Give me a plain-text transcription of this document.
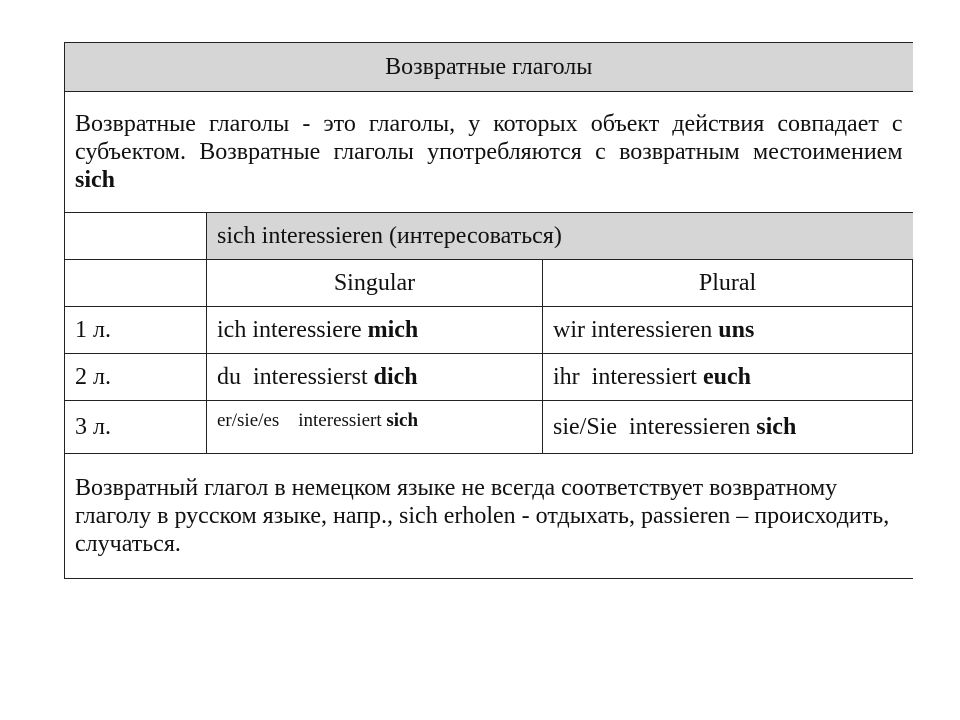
Возвратные глаголы		

Возвратные глаголы - это глаголы, у которых объект действия совпадает с субъектом. Возвратные глаголы употребляются с возвратным местоимением sich		

	sich interessieren (интересоваться)	
	Singular	Plural
1 л.	ich interessiere mich	wir interessieren uns
2 л.	du  interessierst dich	ihr  interessiert euch
3 л.	er/sie/es    interessiert sich	sie/Sie  interessieren sich
Возвратный глагол в немецком языке не всегда соответствует возвратному глаголу в русском языке, напр., sich erholen - отдыхать, passieren – происходить, случаться.		
